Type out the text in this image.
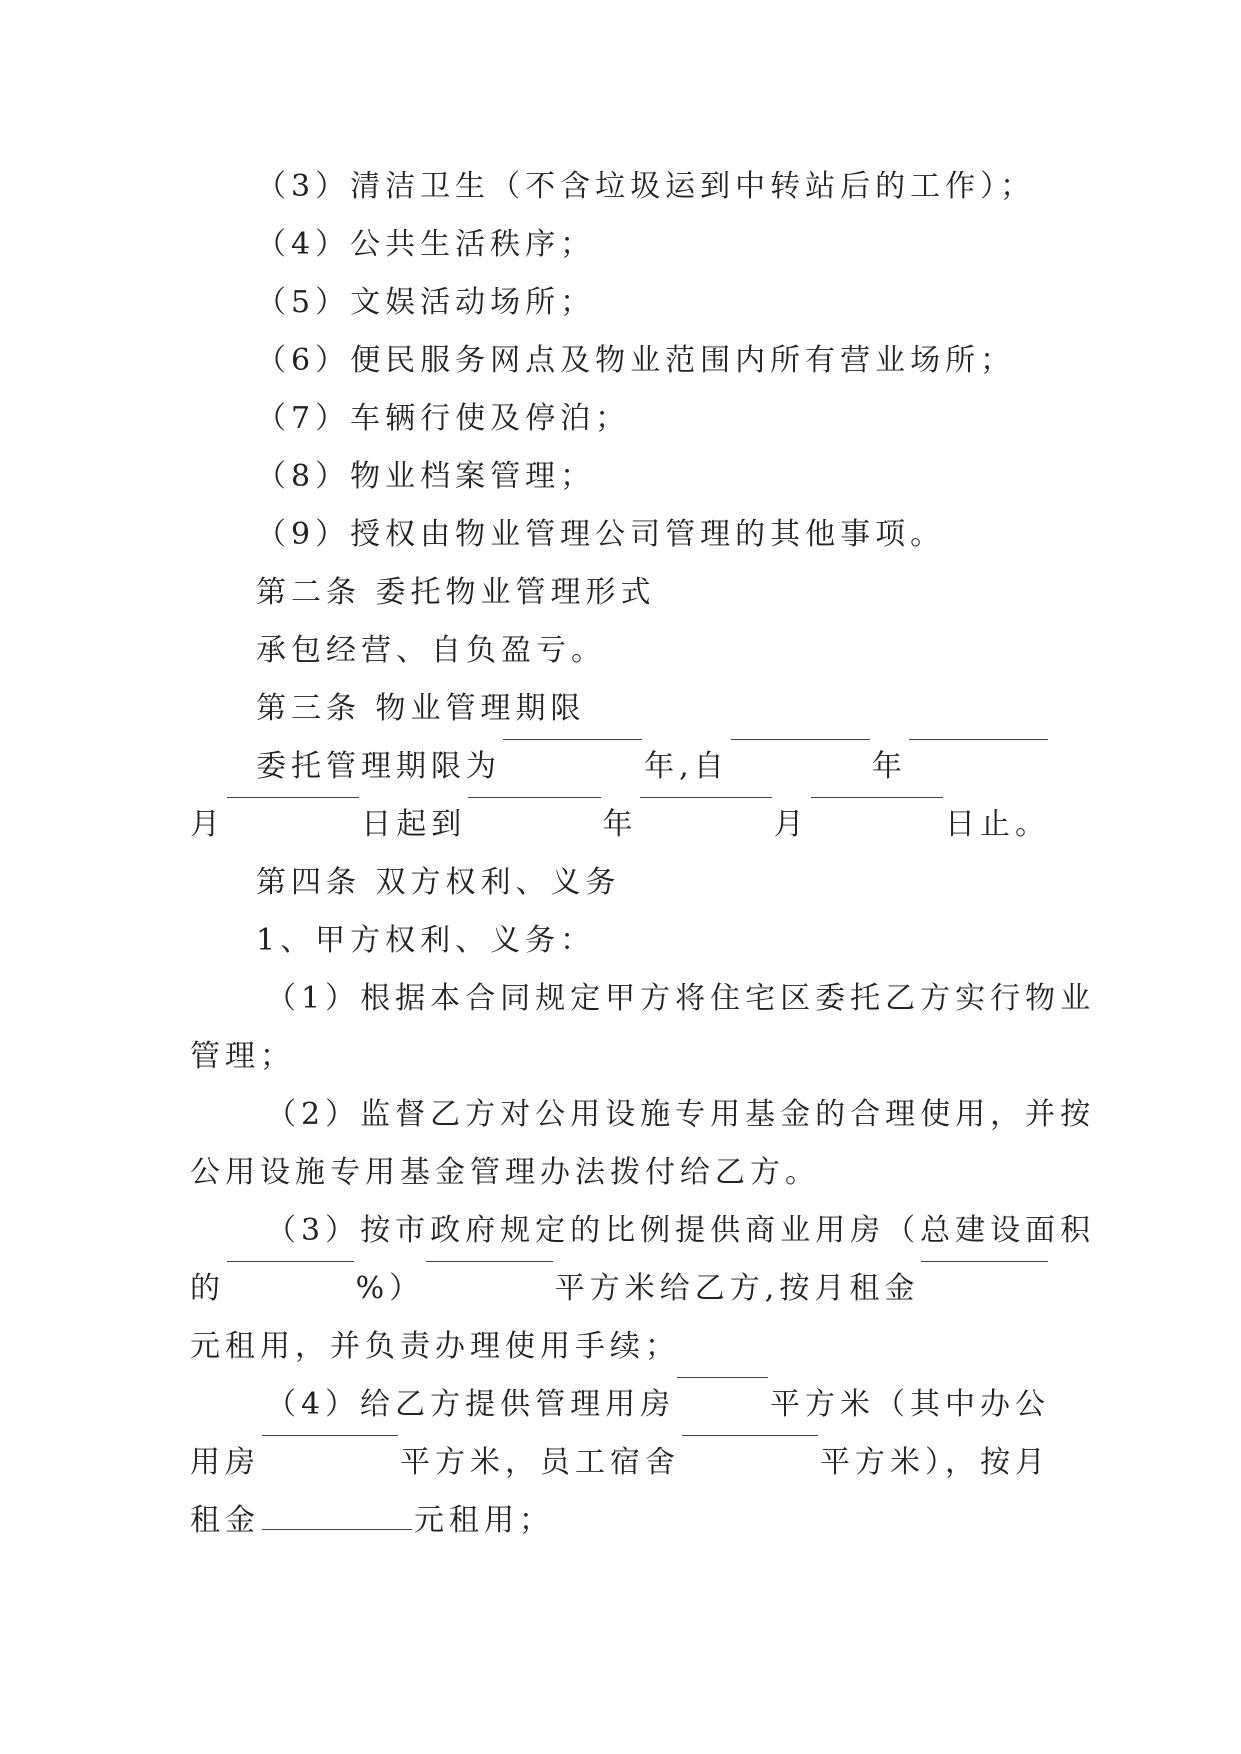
（3）清洁卫生（不含垃圾运到中转站后的工作）；
（4）公共生活秩序；
（5）文娱活动场所；
（6）便民服务网点及物业范围内所有营业场所；
（7）车辆行使及停泊；
（8）物业档案管理；
（9）授权由物业管理公司管理的其他事项。
第二条 委托物业管理形式
承包经营、自负盈亏。
第三条 物业管理期限
委托管理期限为	年,自	年
月	日起到	年	月	日止。
第四条 双方权利、义务
1、甲方权利、义务：
（1）根据本合同规定甲方将住宅区委托乙方实行物业
管理；
（2）监督乙方对公用设施专用基金的合理使用，并按
公用设施专用基金管理办法拨付给乙方。
（3）按市政府规定的比例提供商业用房（总建设面积
的	%）	平方米给乙方,按月租金
元租用，并负责办理使用手续；
（4）给乙方提供管理用房	平方米（其中办公
用房	平方米，员工宿舍	平方米），按月
租金	元租用；
